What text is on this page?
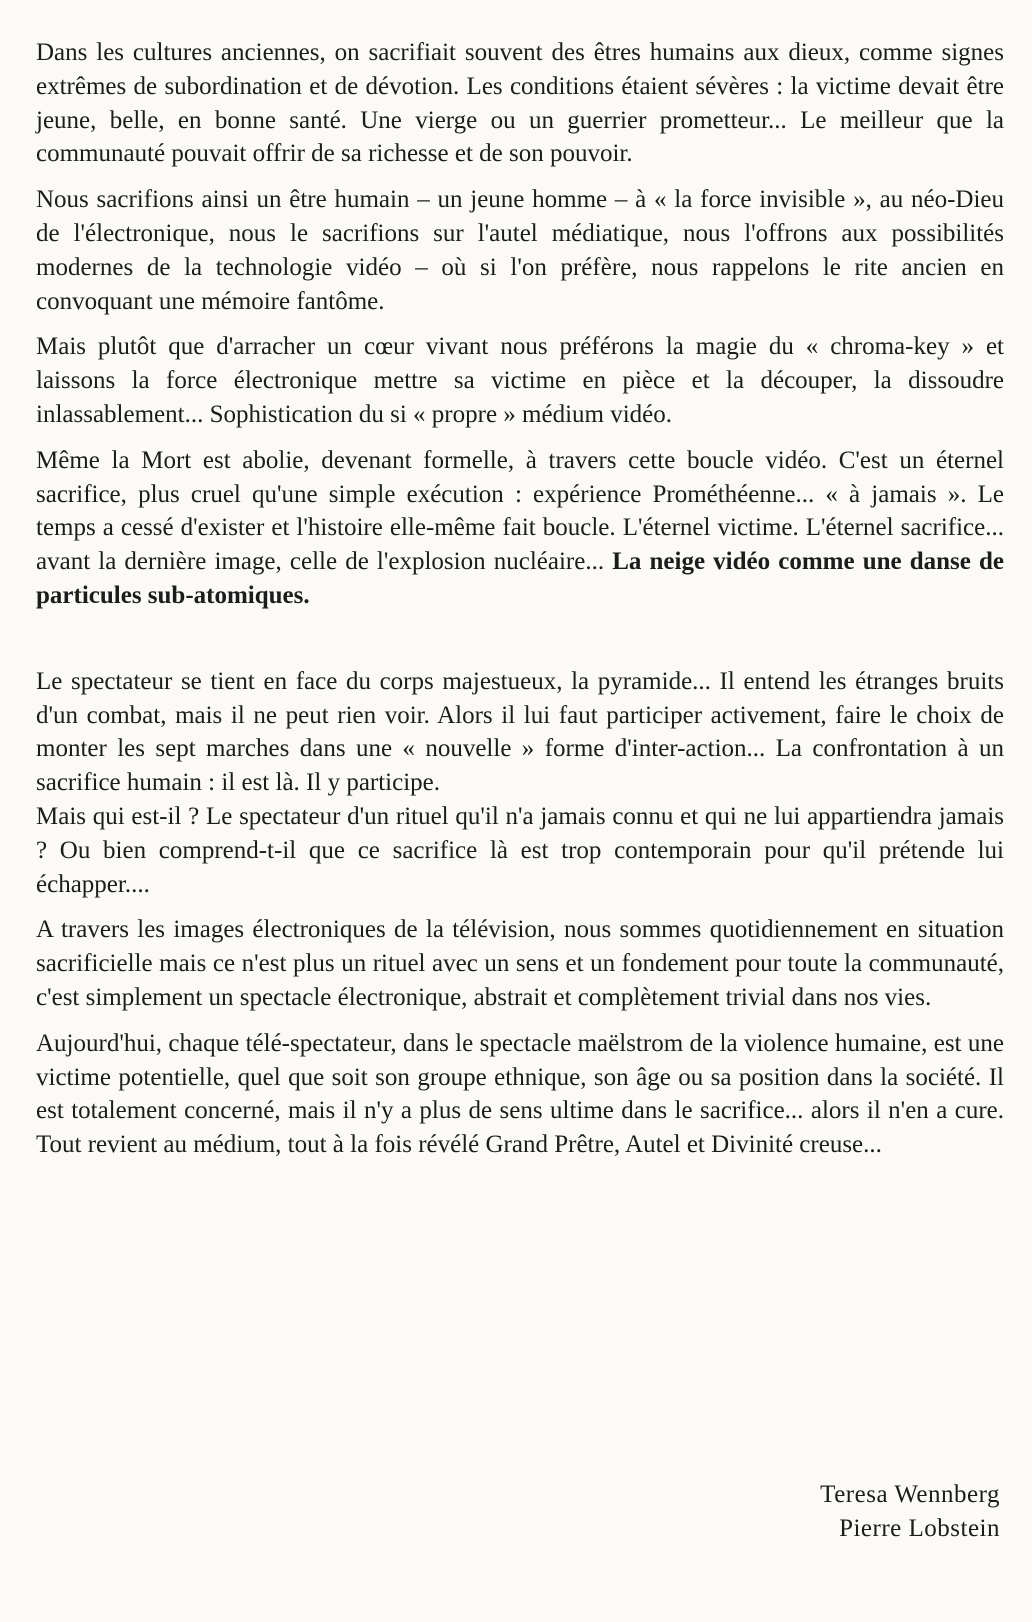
Dans les cultures anciennes, on sacrifiait souvent des êtres humains aux dieux, comme signes extrêmes de subordination et de dévotion. Les conditions étaient sévères : la victime devait être jeune, belle, en bonne santé. Une vierge ou un guerrier prometteur... Le meilleur que la communauté pouvait offrir de sa richesse et de son pouvoir.

Nous sacrifions ainsi un être humain – un jeune homme – à « la force invisible », au néo-Dieu de l'électronique, nous le sacrifions sur l'autel médiatique, nous l'offrons aux possibilités modernes de la technologie vidéo – où si l'on préfère, nous rappelons le rite ancien en convoquant une mémoire fantôme.

Mais plutôt que d'arracher un cœur vivant nous préférons la magie du « chroma-key » et laissons la force électronique mettre sa victime en pièce et la découper, la dissoudre inlassablement... Sophistication du si « propre » médium vidéo.

Même la Mort est abolie, devenant formelle, à travers cette boucle vidéo. C'est un éternel sacrifice, plus cruel qu'une simple exécution : expérience Prométhéenne... « à jamais ». Le temps a cessé d'exister et l'histoire elle-même fait boucle. L'éternel victime. L'éternel sacrifice... avant la dernière image, celle de l'explosion nucléaire... La neige vidéo comme une danse de particules sub-atomiques.

Le spectateur se tient en face du corps majestueux, la pyramide... Il entend les étranges bruits d'un combat, mais il ne peut rien voir. Alors il lui faut participer activement, faire le choix de monter les sept marches dans une « nouvelle » forme d'inter-action... La confrontation à un sacrifice humain : il est là. Il y participe.

Mais qui est-il ? Le spectateur d'un rituel qu'il n'a jamais connu et qui ne lui appartiendra jamais ? Ou bien comprend-t-il que ce sacrifice là est trop contemporain pour qu'il prétende lui échapper....

A travers les images électroniques de la télévision, nous sommes quotidiennement en situation sacrificielle mais ce n'est plus un rituel avec un sens et un fondement pour toute la communauté, c'est simplement un spectacle électronique, abstrait et complètement trivial dans nos vies.

Aujourd'hui, chaque télé-spectateur, dans le spectacle maëlstrom de la violence humaine, est une victime potentielle, quel que soit son groupe ethnique, son âge ou sa position dans la société. Il est totalement concerné, mais il n'y a plus de sens ultime dans le sacrifice... alors il n'en a cure. Tout revient au médium, tout à la fois révélé Grand Prêtre, Autel et Divinité creuse...

Teresa Wennberg
Pierre Lobstein
